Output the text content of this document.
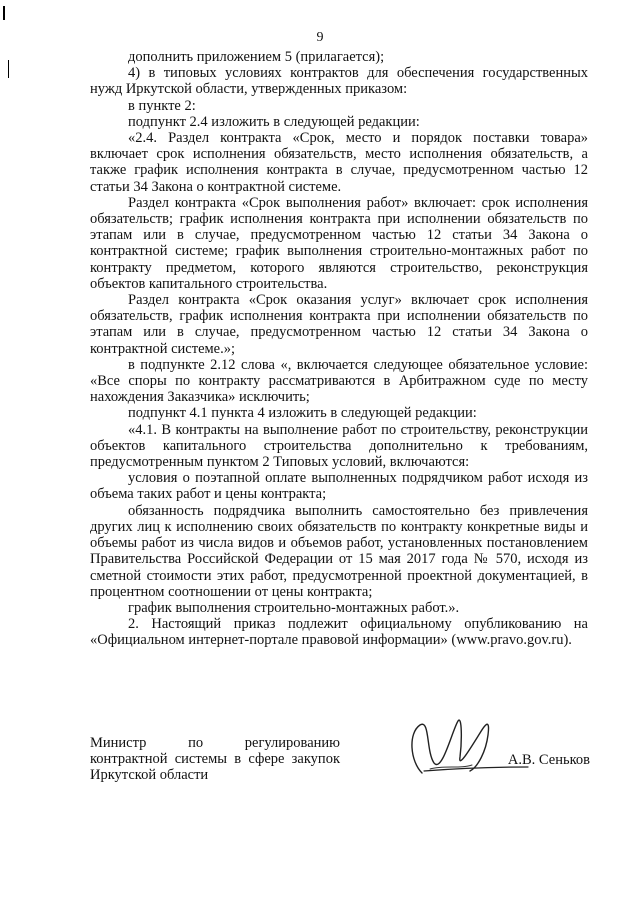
9

дополнить приложением 5 (прилагается);

4) в типовых условиях контрактов для обеспечения государственных нужд Иркутской области, утвержденных приказом:

в пункте 2:

подпункт 2.4 изложить в следующей редакции:

«2.4. Раздел контракта «Срок, место и порядок поставки товара» включает срок исполнения обязательств, место исполнения обязательств, а также график исполнения контракта в случае, предусмотренном частью 12 статьи 34 Закона о контрактной системе.

Раздел контракта «Срок выполнения работ» включает: срок исполнения обязательств; график исполнения контракта при исполнении обязательств по этапам или в случае, предусмотренном частью 12 статьи 34 Закона о контрактной системе; график выполнения строительно-монтажных работ по контракту предметом, которого являются строительство, реконструкция объектов капитального строительства.

Раздел контракта «Срок оказания услуг» включает срок исполнения обязательств, график исполнения контракта при исполнении обязательств по этапам или в случае, предусмотренном частью 12 статьи 34 Закона о контрактной системе.»;

в подпункте 2.12 слова «, включается следующее обязательное условие: «Все споры по контракту рассматриваются в Арбитражном суде по месту нахождения Заказчика» исключить;

подпункт 4.1 пункта 4 изложить в следующей редакции:

«4.1. В контракты на выполнение работ по строительству, реконструкции объектов капитального строительства дополнительно к требованиям, предусмотренным пунктом 2 Типовых условий, включаются:

условия о поэтапной оплате выполненных подрядчиком работ исходя из объема таких работ и цены контракта;

обязанность подрядчика выполнить самостоятельно без привлечения других лиц к исполнению своих обязательств по контракту конкретные виды и объемы работ из числа видов и объемов работ, установленных постановлением Правительства Российской Федерации от 15 мая 2017 года № 570, исходя из сметной стоимости этих работ, предусмотренной проектной документацией, в процентном соотношении от цены контракта;

график выполнения строительно-монтажных работ.».

2. Настоящий приказ подлежит официальному опубликованию на «Официальном интернет-портале правовой информации» (www.pravo.gov.ru).

Министр по регулированию
контрактной системы в сфере закупок
Иркутской области
А.В. Сеньков
